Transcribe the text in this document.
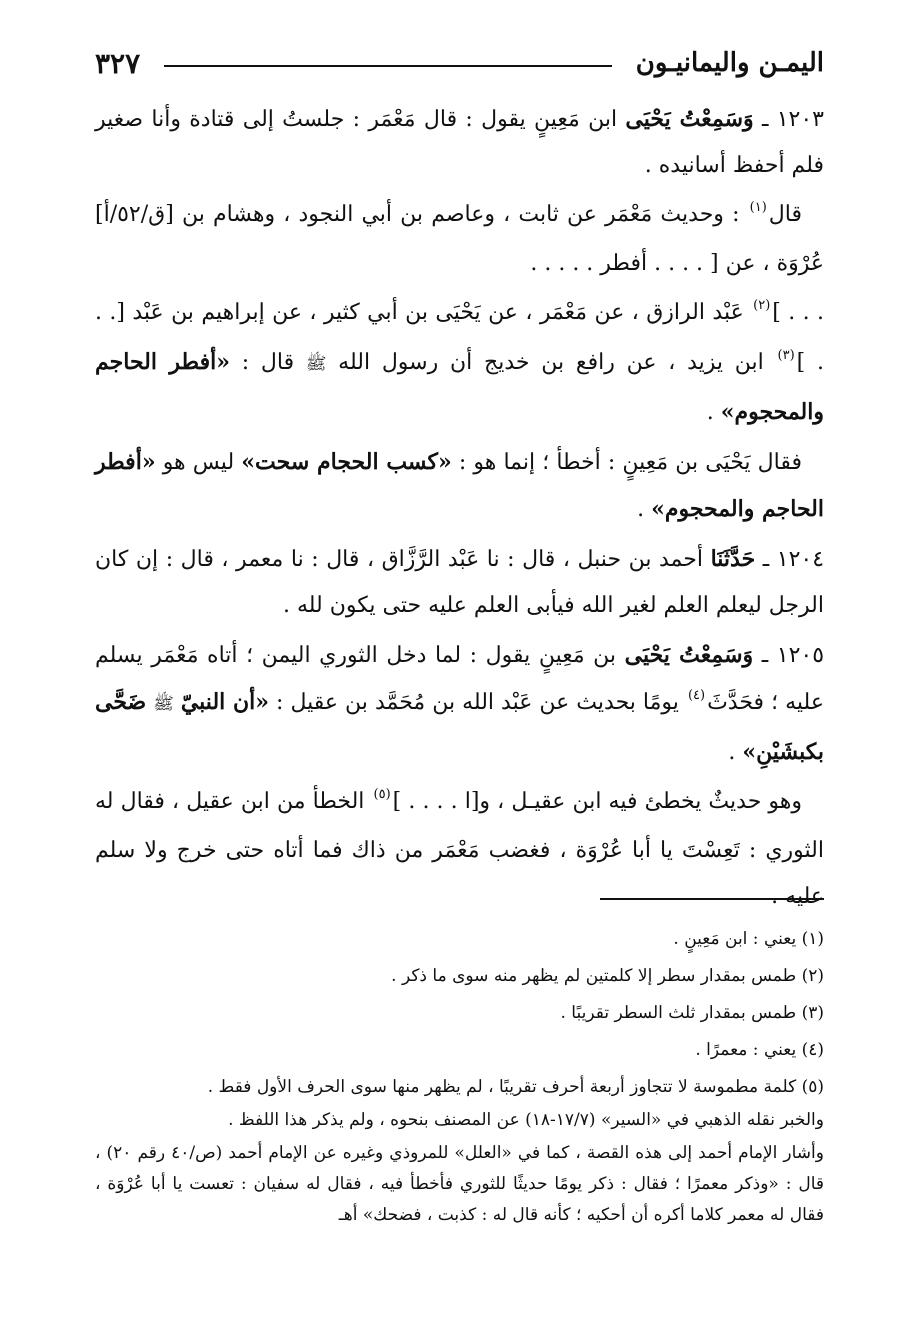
اليمـن واليمانيـون
٣٢٧

١٢٠٣ ـ وَسَمِعْتُ يَحْيَى ابن مَعِينٍ يقول : قال مَعْمَر : جلستُ إلى قتادة وأنا صغير فلم أحفظ أسانيده .

قال$^{(١)}$ : وحديث مَعْمَر عن ثابت ، وعاصم بن أبي النجود ، وهشام بن [ق/٥٢/أ] عُرْوَة ، عن [ . . . . أفطر . . . . .

. . . ]$^{(٢)}$ عَبْد الرازق ، عن مَعْمَر ، عن يَحْيَى بن أبي كثير ، عن إبراهيم بن عَبْد [. . . ]$^{(٣)}$ ابن يزيد ، عن رافع بن خديج أن رسول الله ﷺ قال : «أفطر الحاجم والمحجوم» .

فقال يَحْيَى بن مَعِينٍ : أخطأ ؛ إنما هو : «كسب الحجام سحت» ليس هو «أفطر الحاجم والمحجوم» .

١٢٠٤ ـ حَدَّثَنَا أحمد بن حنبل ، قال : نا عَبْد الرَّزَّاق ، قال : نا معمر ، قال : إن كان الرجل ليعلم العلم لغير الله فيأبى العلم عليه حتى يكون لله .

١٢٠٥ ـ وَسَمِعْتُ يَحْيَى بن مَعِينٍ يقول : لما دخل الثوري اليمن ؛ أتاه مَعْمَر يسلم عليه ؛ فحَدَّثَ$^{(٤)}$ يومًا بحديث عن عَبْد الله بن مُحَمَّد بن عقيل : «أن النبيّ ﷺ ضَحَّى بكبشَيْنِ» .

وهو حديثٌ يخطئ فيه ابن عقيـل ، و[ا . . . . ]$^{(٥)}$ الخطأ من ابن عقيل ، فقال له الثوري : تَعِسْتَ يا أبا عُرْوَة ، فغضب مَعْمَر من ذاك فما أتاه حتى خرج ولا سلم عليه .

(١) يعني : ابن مَعِينٍ .

(٢) طمس بمقدار سطر إلا كلمتين لم يظهر منه سوى ما ذكر .

(٣) طمس بمقدار ثلث السطر تقريبًا .

(٤) يعني : معمرًا .

(٥) كلمة مطموسة لا تتجاوز أربعة أحرف تقريبًا ، لم يظهر منها سوى الحرف الأول فقط .

والخبر نقله الذهبي في «السير» (١٧/٧-١٨) عن المصنف بنحوه ، ولم يذكر هذا اللفظ .

وأشار الإمام أحمد إلى هذه القصة ، كما في «العلل» للمروذي وغيره عن الإمام أحمد (ص/٤٠ رقم ٢٠) ، قال : «وذكر معمرًا ؛ فقال : ذكر يومًا حديثًا للثوري فأخطأ فيه ، فقال له سفيان : تعست يا أبا عُرْوَة ، فقال له معمر كلاما أكره أن أحكيه ؛ كأنه قال له : كذبت ، فضحك» أهـ
